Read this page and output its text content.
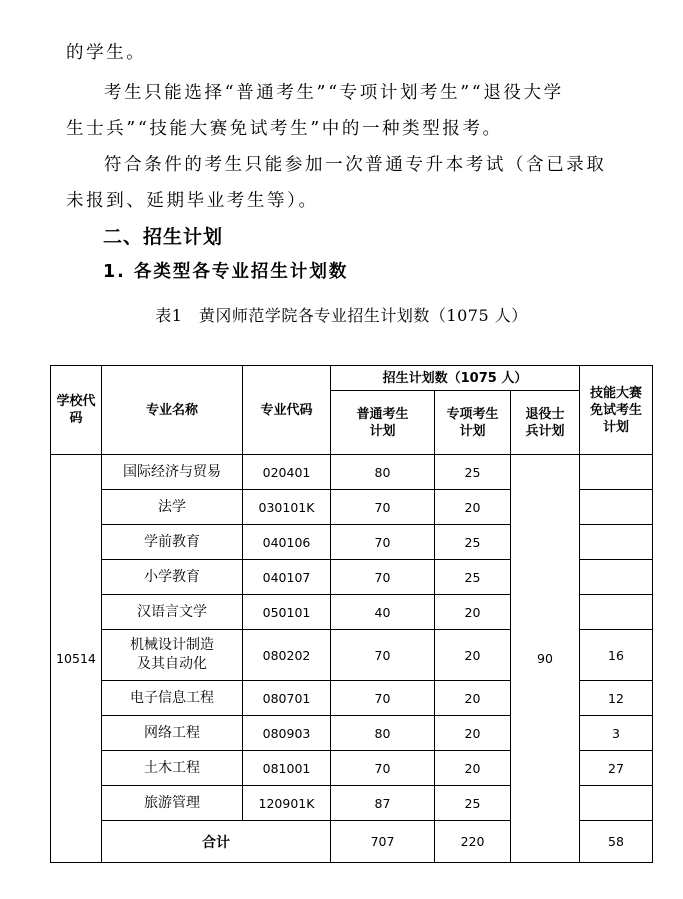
的学生。
考生只能选择“普通考生”“专项计划考生”“退役大学
生士兵”“技能大赛免试考生”中的一种类型报考。
符合条件的考生只能参加一次普通专升本考试（含已录取
未报到、延期毕业考生等）。
二、招生计划
1. 各类型各专业招生计划数
表1　黄冈师范学院各专业招生计划数（1075 人）
学校代码	专业名称	专业代码	招生计划数（1075 人）			技能大赛免试考生计划
			普通考生计划	专项考生计划	退役士兵计划	
10514	国际经济与贸易	020401	80	25	90	
	法学	030101K	70	20		
	学前教育	040106	70	25		
	小学教育	040107	70	25		
	汉语言文学	050101	40	20		
	机械设计制造及其自动化	080202	70	20		16
	电子信息工程	080701	70	20		12
	网络工程	080903	80	20		3
	土木工程	081001	70	20		27
	旅游管理	120901K	87	25		
	合计		707	220		58
